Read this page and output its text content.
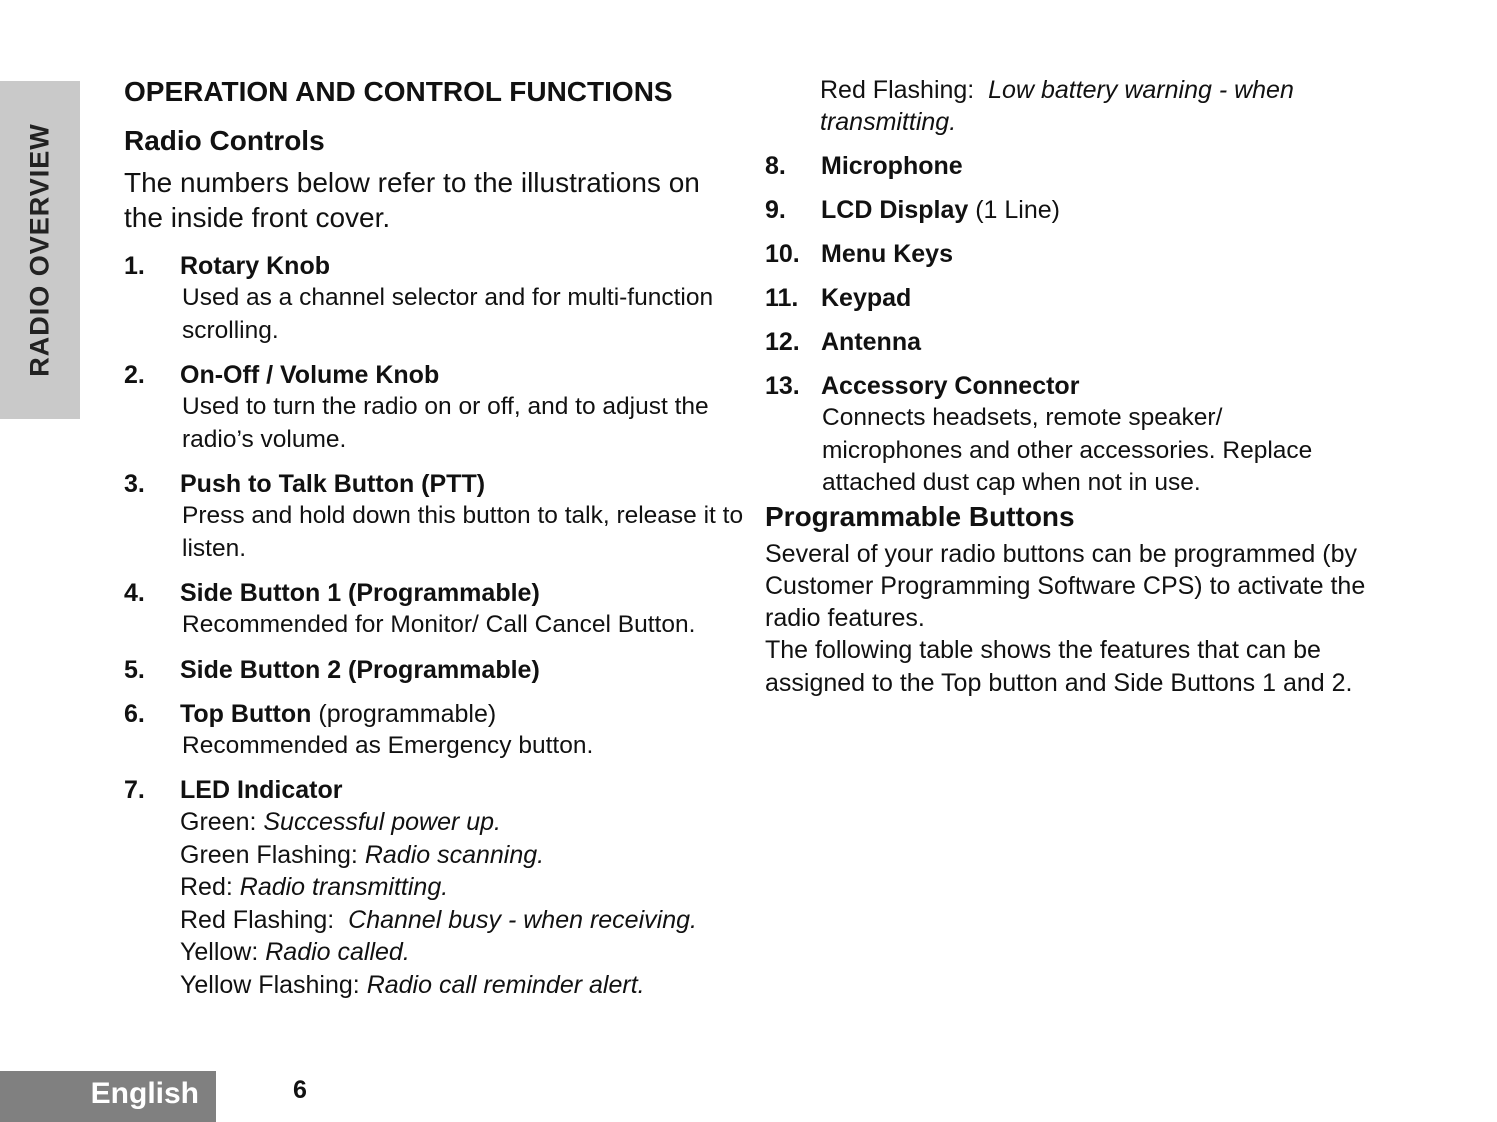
RADIO OVERVIEW
OPERATION AND CONTROL FUNCTIONS
Radio Controls
The numbers below refer to the illustrations on the inside front cover.
1. Rotary Knob
Used as a channel selector and for multi-function scrolling.
2. On-Off / Volume Knob
Used to turn the radio on or off, and to adjust the radio’s volume.
3. Push to Talk Button (PTT)
Press and hold down this button to talk, release it to listen.
4. Side Button 1 (Programmable)
Recommended for Monitor/ Call Cancel Button.
5. Side Button 2 (Programmable)
6. Top Button (programmable)
Recommended as Emergency button.
7. LED Indicator
Green: Successful power up.
Green Flashing: Radio scanning.
Red: Radio transmitting.
Red Flashing:  Channel busy - when receiving.
Yellow: Radio called.
Yellow Flashing: Radio call reminder alert.
Red Flashing:  Low battery warning - when transmitting.
8. Microphone
9. LCD Display (1 Line)
10. Menu Keys
11. Keypad
12. Antenna
13. Accessory Connector
Connects headsets, remote speaker/ microphones and other accessories. Replace attached dust cap when not in use.
Programmable Buttons

Several of your radio buttons can be programmed (by Customer Programming Software CPS) to activate the radio features.

The following table shows the features that can be assigned to the Top button and Side Buttons 1 and 2.

English	6
